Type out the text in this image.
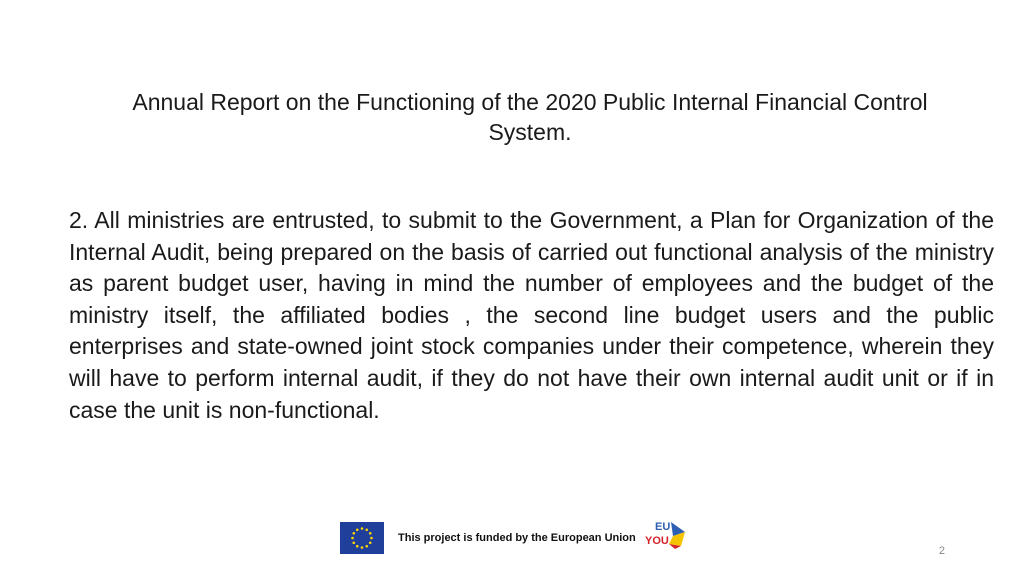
Annual Report on the Functioning of the 2020 Public Internal Financial Control System.

2. All ministries are entrusted, to submit to the Government, a Plan for Organization of the Internal Audit, being prepared on the basis of carried out functional analysis of the ministry as parent budget user, having in mind the number of employees and the budget of the ministry itself, the affiliated bodies , the second line budget users and the public enterprises and state-owned joint stock companies under their competence, wherein they will have to perform internal audit, if they do not have their own internal audit unit or if in case the unit is non-functional.

This project is funded by the European Union
EU
YOU
2
